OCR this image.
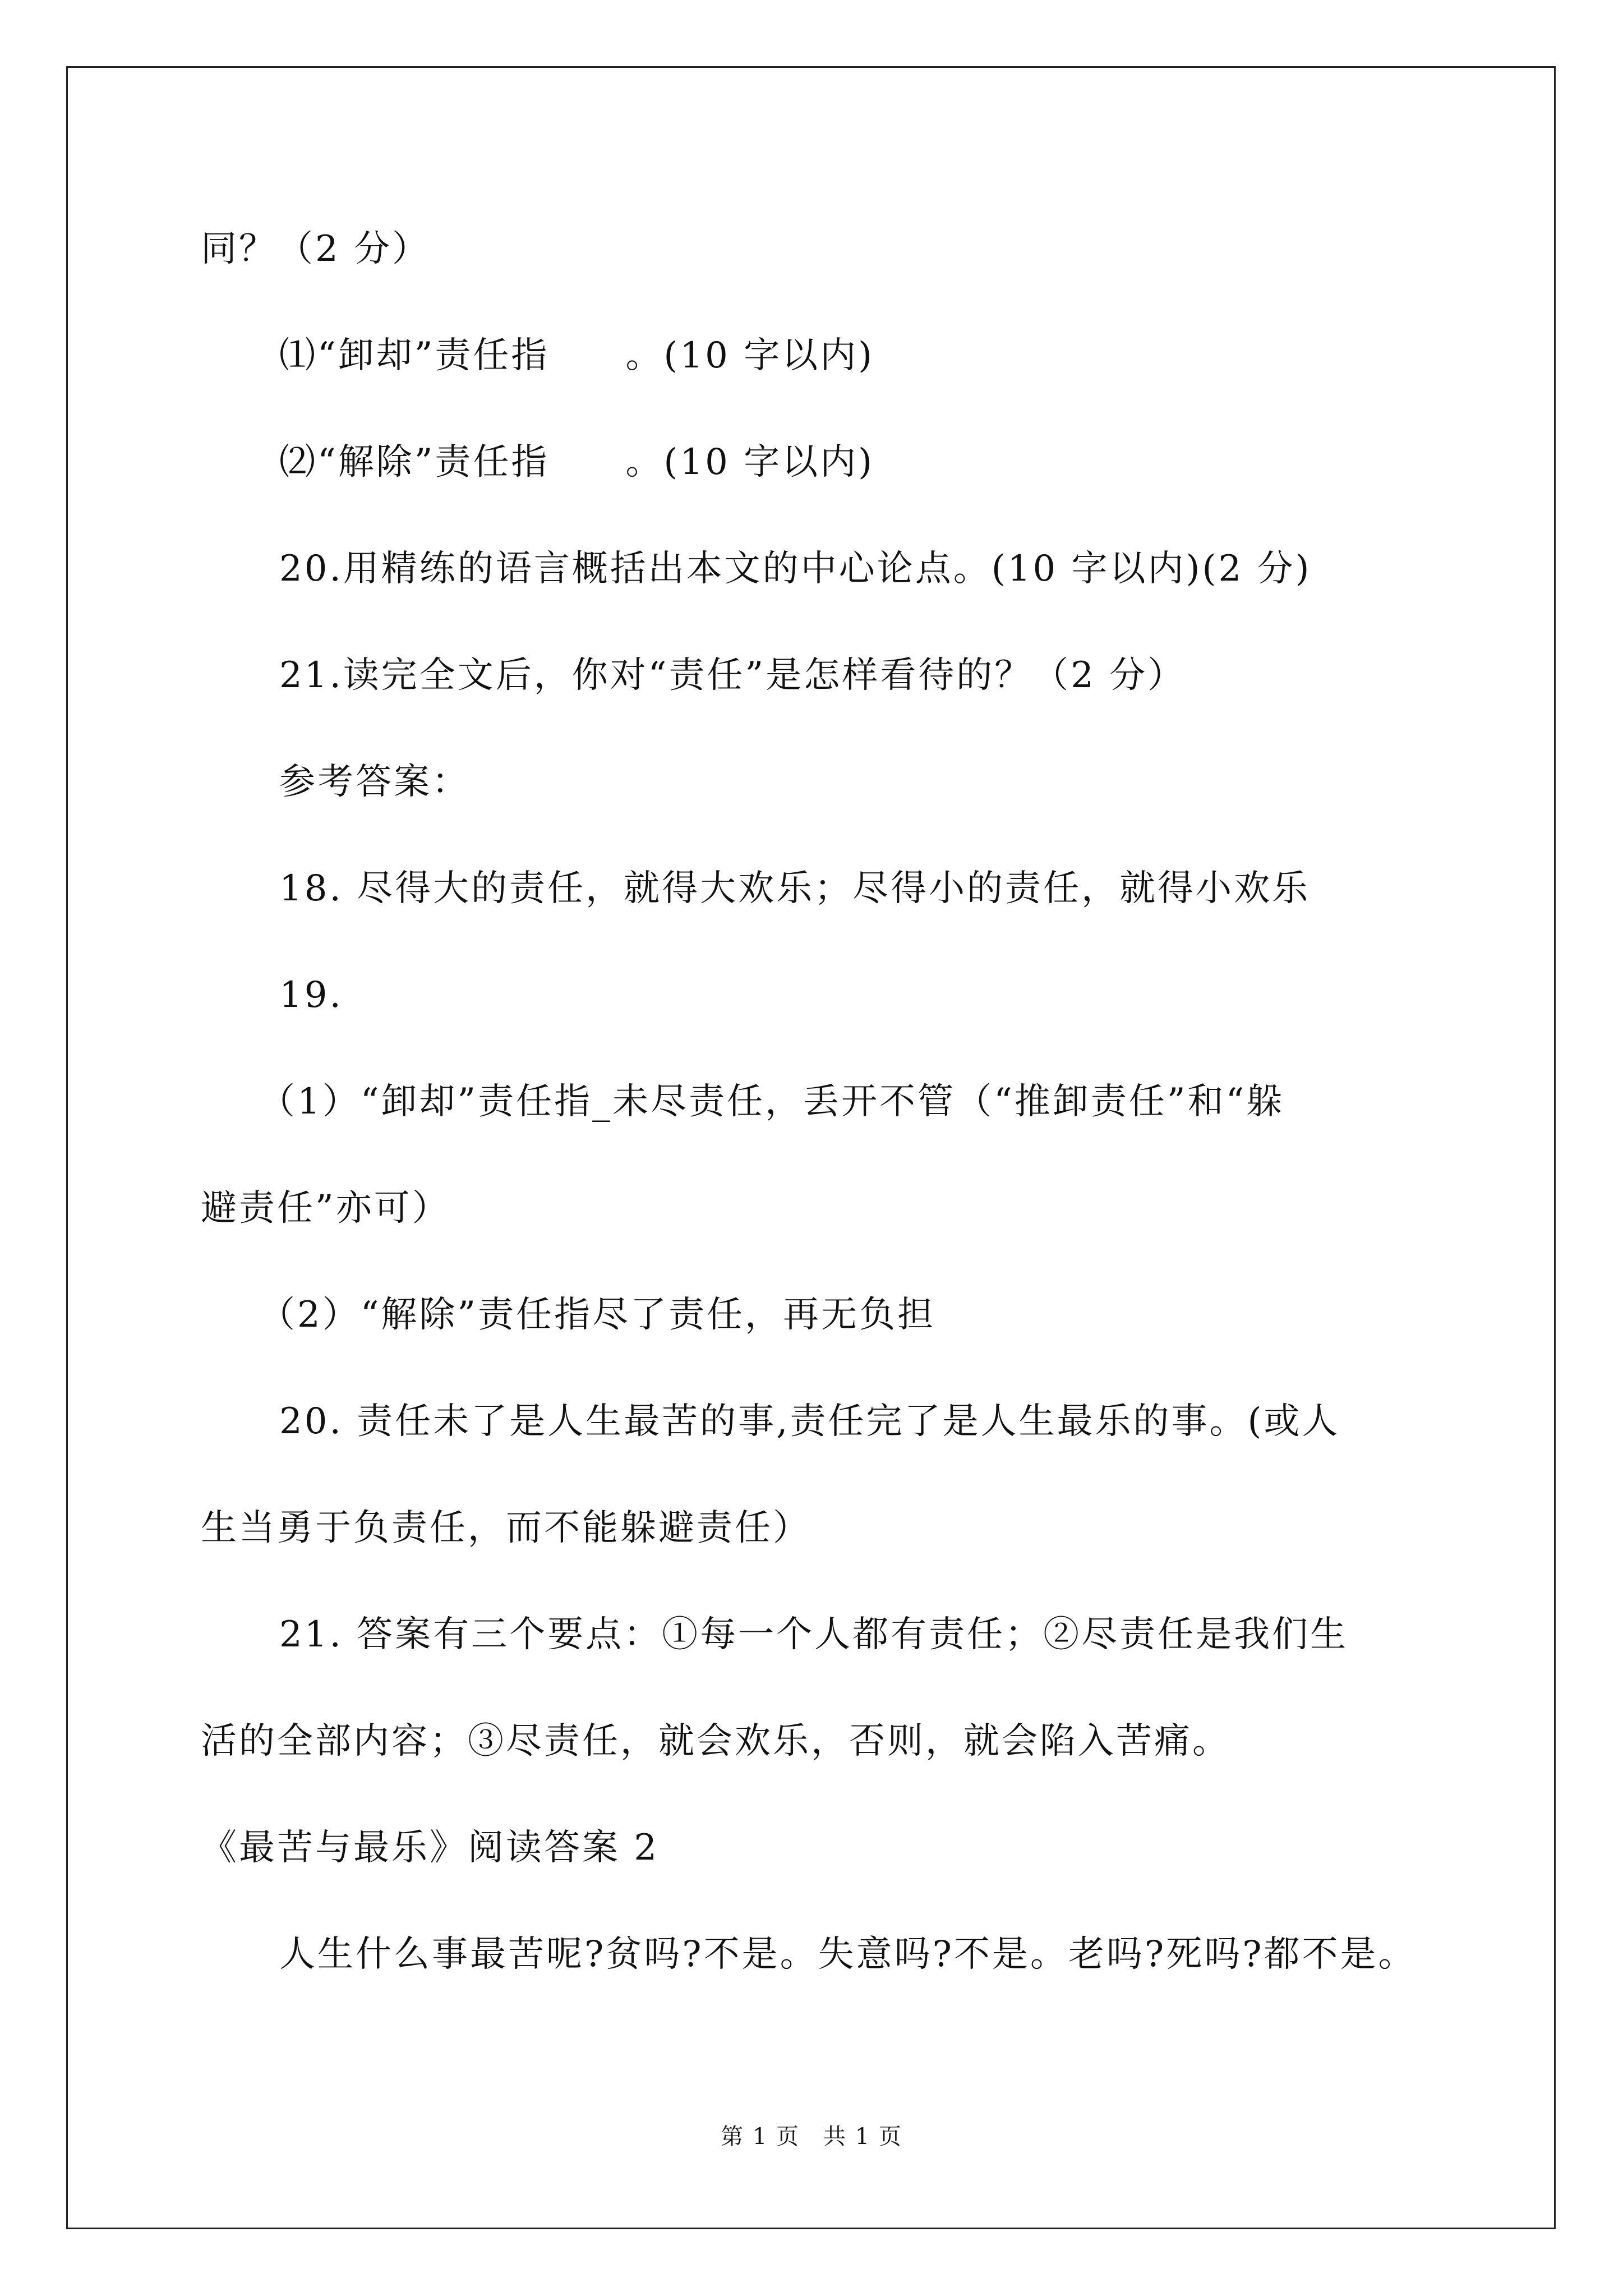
同？（2 分）
⑴“卸却”责任指　　。(10 字以内)
⑵“解除”责任指　　。(10 字以内)
20.用精练的语言概括出本文的中心论点。(10 字以内)(2 分)
21.读完全文后，你对“责任”是怎样看待的？（2 分）
参考答案：
18. 尽得大的责任，就得大欢乐；尽得小的责任，就得小欢乐
19.
（1）“卸却”责任指_未尽责任，丢开不管（“推卸责任”和“躲
避责任”亦可）
（2）“解除”责任指尽了责任，再无负担
20. 责任未了是人生最苦的事,责任完了是人生最乐的事。(或人
生当勇于负责任，而不能躲避责任）
21. 答案有三个要点：①每一个人都有责任；②尽责任是我们生
活的全部内容；③尽责任，就会欢乐，否则，就会陷入苦痛。
《最苦与最乐》阅读答案 2
人生什么事最苦呢?贫吗?不是。失意吗?不是。老吗?死吗?都不是。
第 1 页　共 1 页
